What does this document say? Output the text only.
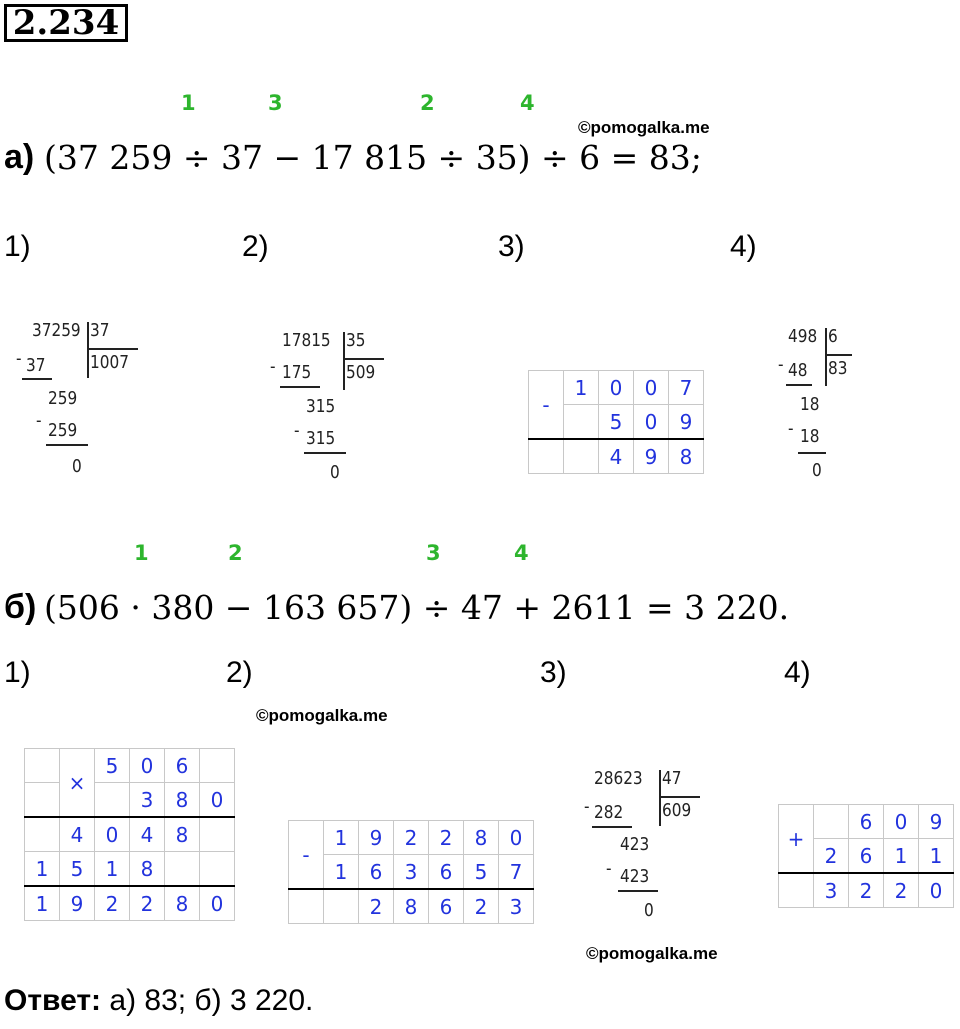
2.234
1	3	2	4
©pomogalka.me
а) (37 259 ÷ 37 − 17 815 ÷ 35) ÷ 6 = 83;
1)	2)	3)	4)
37259 37
1007
- 37
259
- 259
0
17815 35
509
- 175
315
- 315
0
-	1	0	0	7
		5	0	9
		4	9	8
498 6
83
- 48
18
- 18
0
1	2	3	4
б) (506 · 380 − 163 657) ÷ 47 + 2611 = 3 220.
1)	2)	3)	4)
©pomogalka.me
	×	5	0	6	
			3	8	0
	4	0	4	8	
1	5	1	8		
1	9	2	2	8	0
-	1	9	2	2	8	0
	1	6	3	6	5	7
		2	8	6	2	3
28623 47
609
- 282
423
- 423
0
©pomogalka.me
+		6	0	9
	2	6	1	1
	3	2	2	0
Ответ: а) 83; б) 3 220.
